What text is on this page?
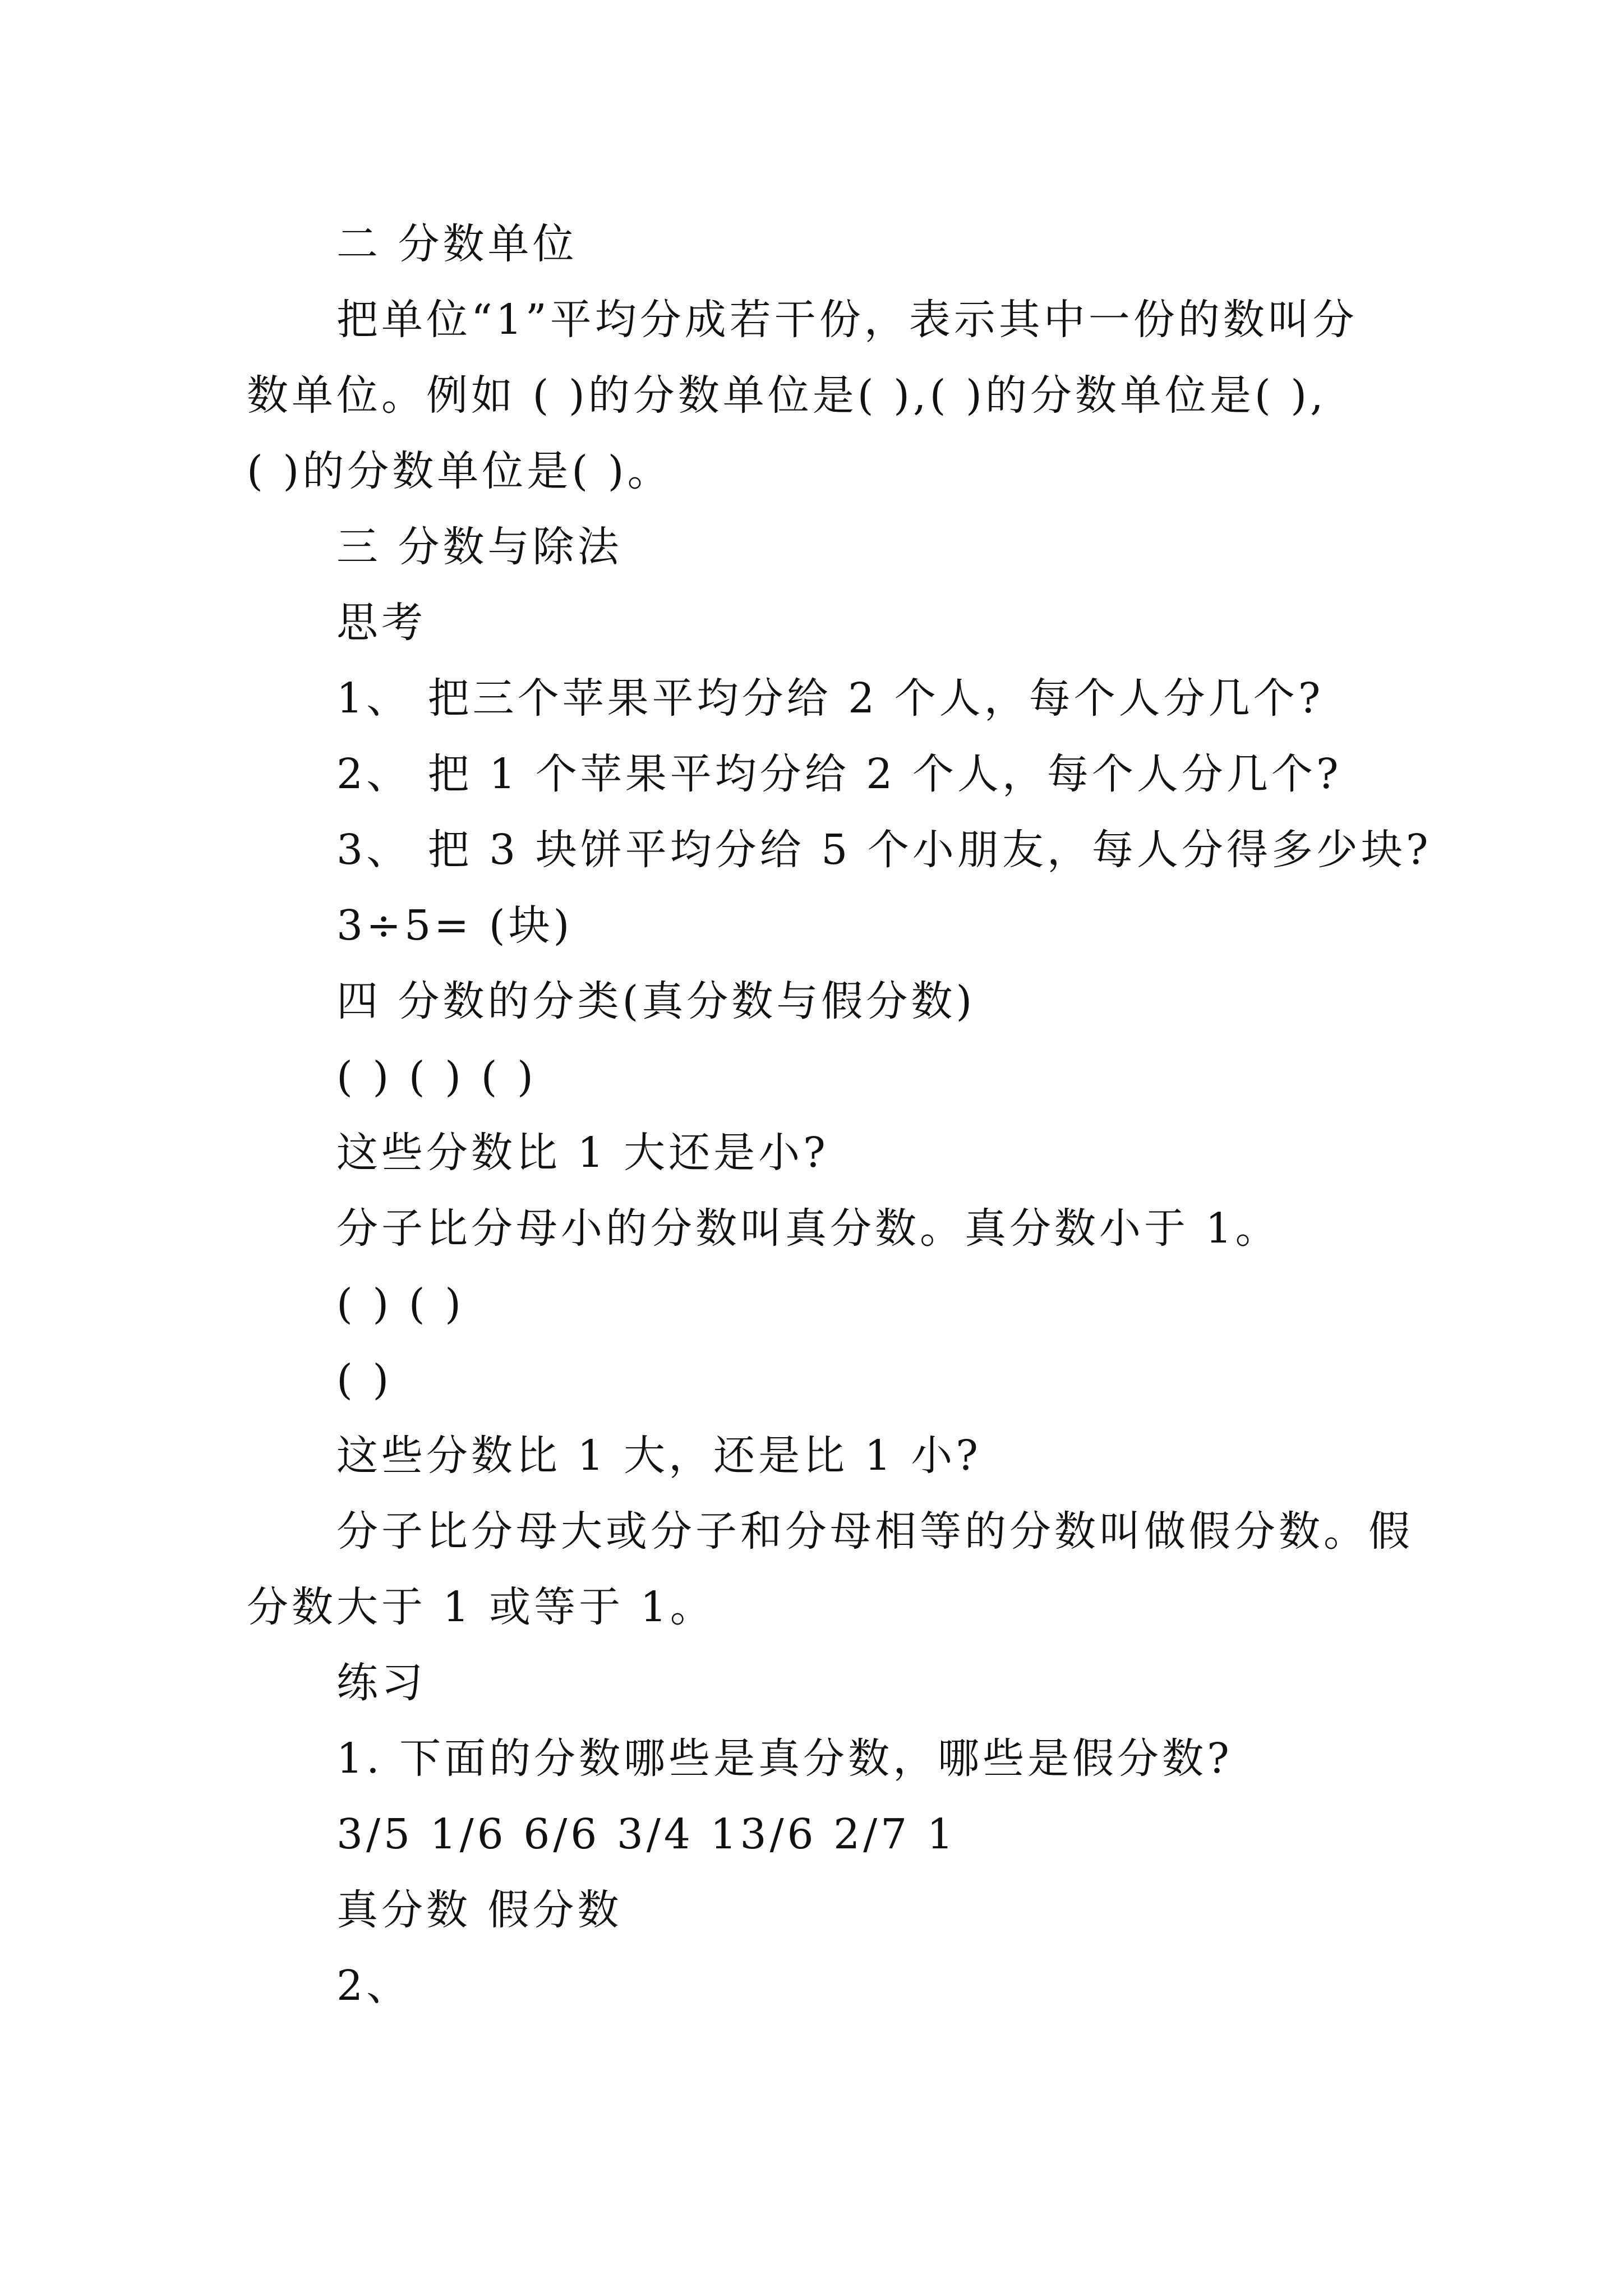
二 分数单位
把单位“1”平均分成若干份，表示其中一份的数叫分
数单位。例如 ( )的分数单位是( ),( )的分数单位是( ),
( )的分数单位是( )。
三 分数与除法
思考
1、 把三个苹果平均分给 2 个人，每个人分几个?
2、 把 1 个苹果平均分给 2 个人，每个人分几个?
3、 把 3 块饼平均分给 5 个小朋友，每人分得多少块?
3÷5= (块)
四 分数的分类(真分数与假分数)
( ) ( ) ( )
这些分数比 1 大还是小?
分子比分母小的分数叫真分数。真分数小于 1。
( ) ( )
( )
这些分数比 1 大，还是比 1 小?
分子比分母大或分子和分母相等的分数叫做假分数。假
分数大于 1 或等于 1。
练习
1. 下面的分数哪些是真分数，哪些是假分数?
3/5 1/6 6/6 3/4 13/6 2/7 1
真分数 假分数
2、
